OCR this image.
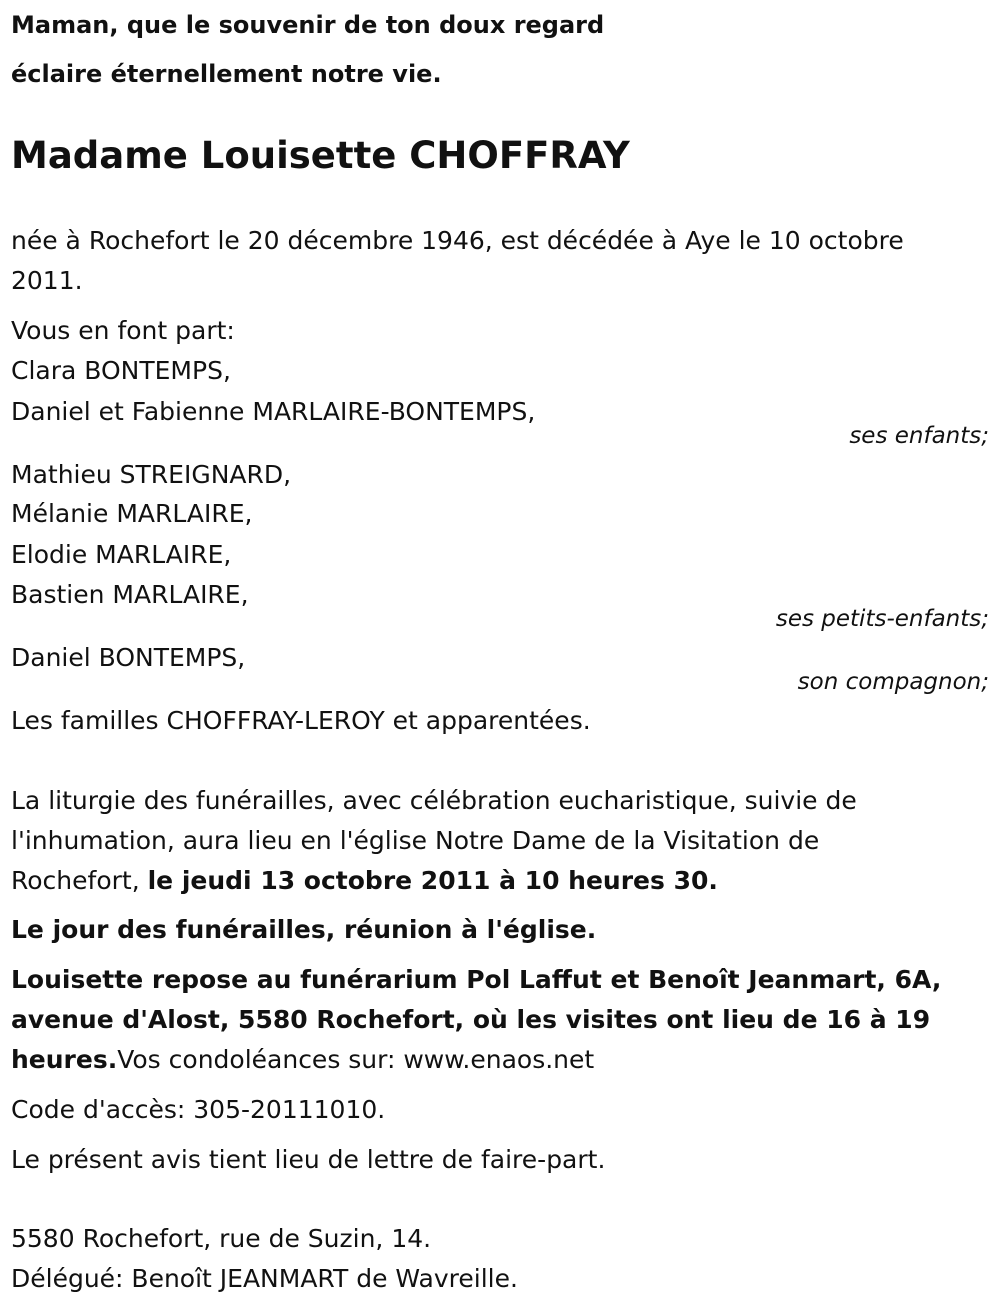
Maman, que le souvenir de ton doux regard
éclaire éternellement notre vie.
Madame Louisette CHOFFRAY
née à Rochefort le 20 décembre 1946, est décédée à Aye le 10 octobre
2011.
Vous en font part:
Clara BONTEMPS,
Daniel et Fabienne MARLAIRE-BONTEMPS,
ses enfants;
Mathieu STREIGNARD,
Mélanie MARLAIRE,
Elodie MARLAIRE,
Bastien MARLAIRE,
ses petits-enfants;
Daniel BONTEMPS,
son compagnon;
Les familles CHOFFRAY-LEROY et apparentées.
La liturgie des funérailles, avec célébration eucharistique, suivie de
l'inhumation, aura lieu en l'église Notre Dame de la Visitation de
Rochefort, le jeudi 13 octobre 2011 à 10 heures 30.
Le jour des funérailles, réunion à l'église.
Louisette repose au funérarium Pol Laffut et Benoît Jeanmart, 6A,
avenue d'Alost, 5580 Rochefort, où les visites ont lieu de 16 à 19
heures.Vos condoléances sur: www.enaos.net
Code d'accès: 305-20111010.
Le présent avis tient lieu de lettre de faire-part.
5580 Rochefort, rue de Suzin, 14.
Délégué: Benoît JEANMART de Wavreille.
